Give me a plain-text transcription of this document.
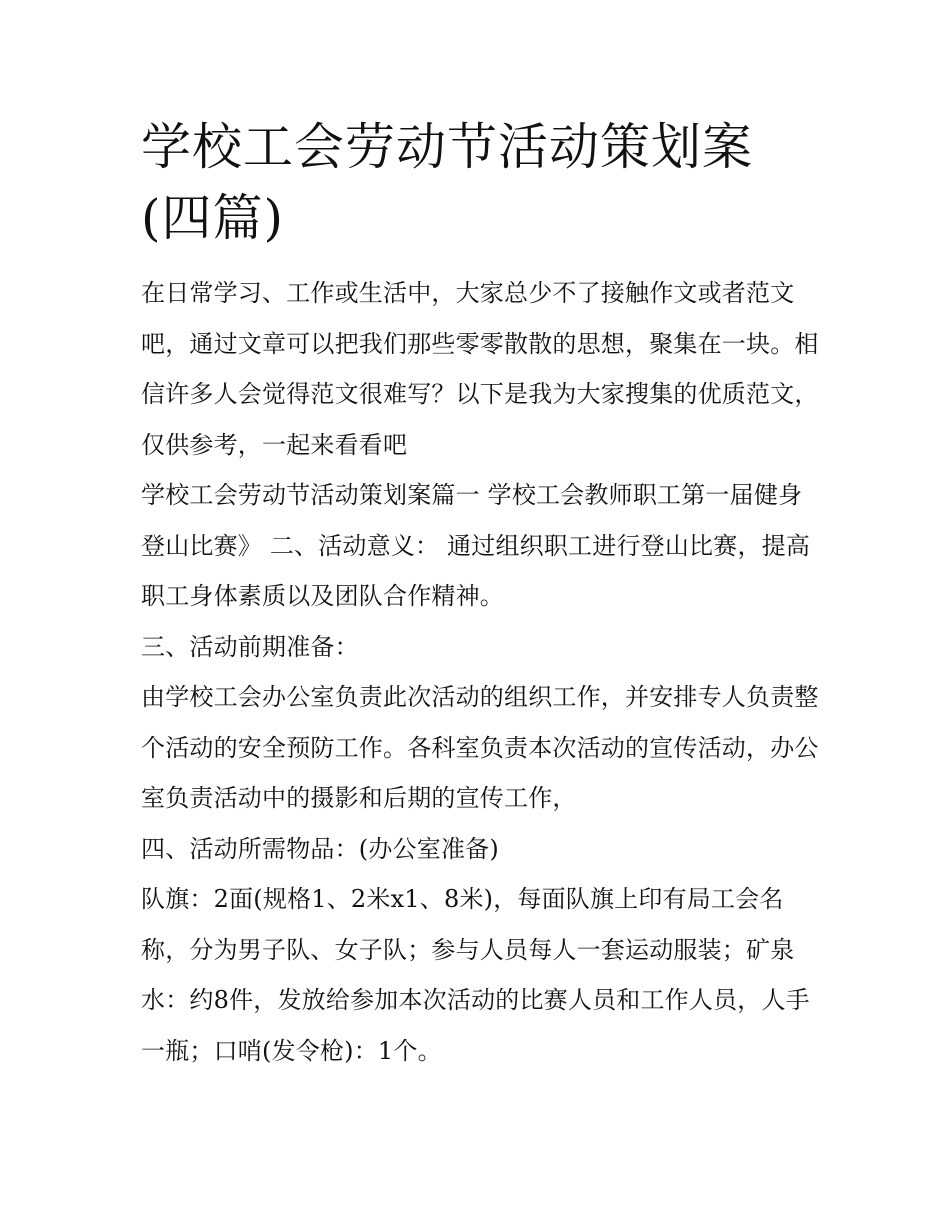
学校工会劳动节活动策划案(四篇)

在日常学习、工作或生活中，大家总少不了接触作文或者范文吧，通过文章可以把我们那些零零散散的思想，聚集在一块。相信许多人会觉得范文很难写？以下是我为大家搜集的优质范文，仅供参考，一起来看看吧

学校工会劳动节活动策划案篇一 学校工会教师职工第一届健身登山比赛》 二、活动意义： 通过组织职工进行登山比赛，提高职工身体素质以及团队合作精神。

三、活动前期准备：

由学校工会办公室负责此次活动的组织工作，并安排专人负责整个活动的安全预防工作。各科室负责本次活动的宣传活动，办公室负责活动中的摄影和后期的宣传工作，

四、活动所需物品：(办公室准备)

队旗：2面(规格1、2米x1、8米)，每面队旗上印有局工会名称，分为男子队、女子队；参与人员每人一套运动服装；矿泉水：约8件，发放给参加本次活动的比赛人员和工作人员，人手一瓶；口哨(发令枪)：1个。
